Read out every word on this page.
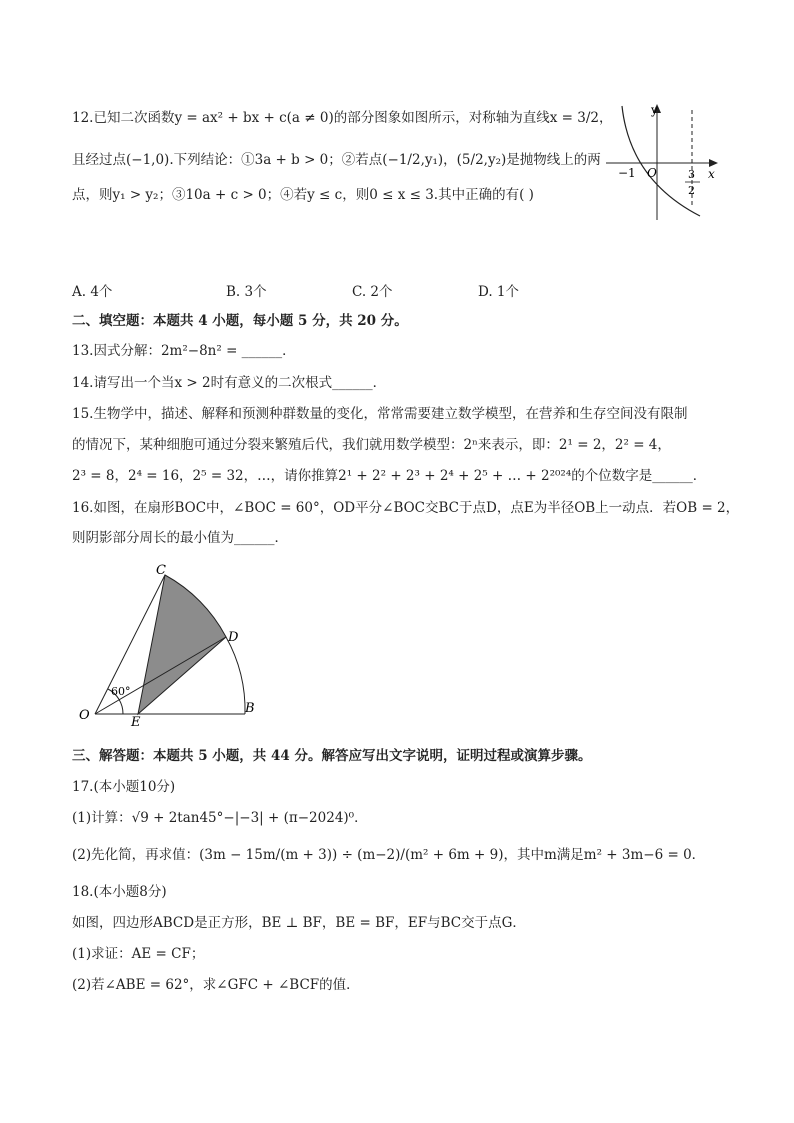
12.已知二次函数y = ax² + bx + c(a ≠ 0)的部分图象如图所示，对称轴为直线x = 3/2，
且经过点(−1,0).下列结论：①3a + b > 0；②若点(−1/2,y₁)，(5/2,y₂)是抛物线上的两
点，则y₁ > y₂；③10a + c > 0；④若y ≤ c，则0 ≤ x ≤ 3.其中正确的有( )
y
x
O
−1	3
2
A. 4个	B. 3个	C. 2个	D. 1个
二、填空题：本题共 4 小题，每小题 5 分，共 20 分。
13.因式分解：2m²−8n² = ______．
14.请写出一个当x > 2时有意义的二次根式______．
15.生物学中，描述、解释和预测种群数量的变化，常常需要建立数学模型，在营养和生存空间没有限制
的情况下，某种细胞可通过分裂来繁殖后代，我们就用数学模型：2ⁿ来表示，即：2¹ = 2，2² = 4，
2³ = 8，2⁴ = 16，2⁵ = 32，…，请你推算2¹ + 2² + 2³ + 2⁴ + 2⁵ + … + 2²⁰²⁴的个位数字是______．
16.如图，在扇形BOC中，∠BOC = 60°，OD平分∠BOC交BC于点D，点E为半径OB上一动点．若OB = 2，
则阴影部分周长的最小值为______．
C
D
O	E
B
60°
三、解答题：本题共 5 小题，共 44 分。解答应写出文字说明，证明过程或演算步骤。
17.(本小题10分)
(1)计算：√9 + 2tan45°−|−3| + (π−2024)⁰．
(2)先化简，再求值：(3m − 15m/(m + 3)) ÷ (m−2)/(m² + 6m + 9)，其中m满足m² + 3m−6 = 0．
18.(本小题8分)
如图，四边形ABCD是正方形，BE ⊥ BF，BE = BF，EF与BC交于点G．
(1)求证：AE = CF；
(2)若∠ABE = 62°，求∠GFC + ∠BCF的值．
